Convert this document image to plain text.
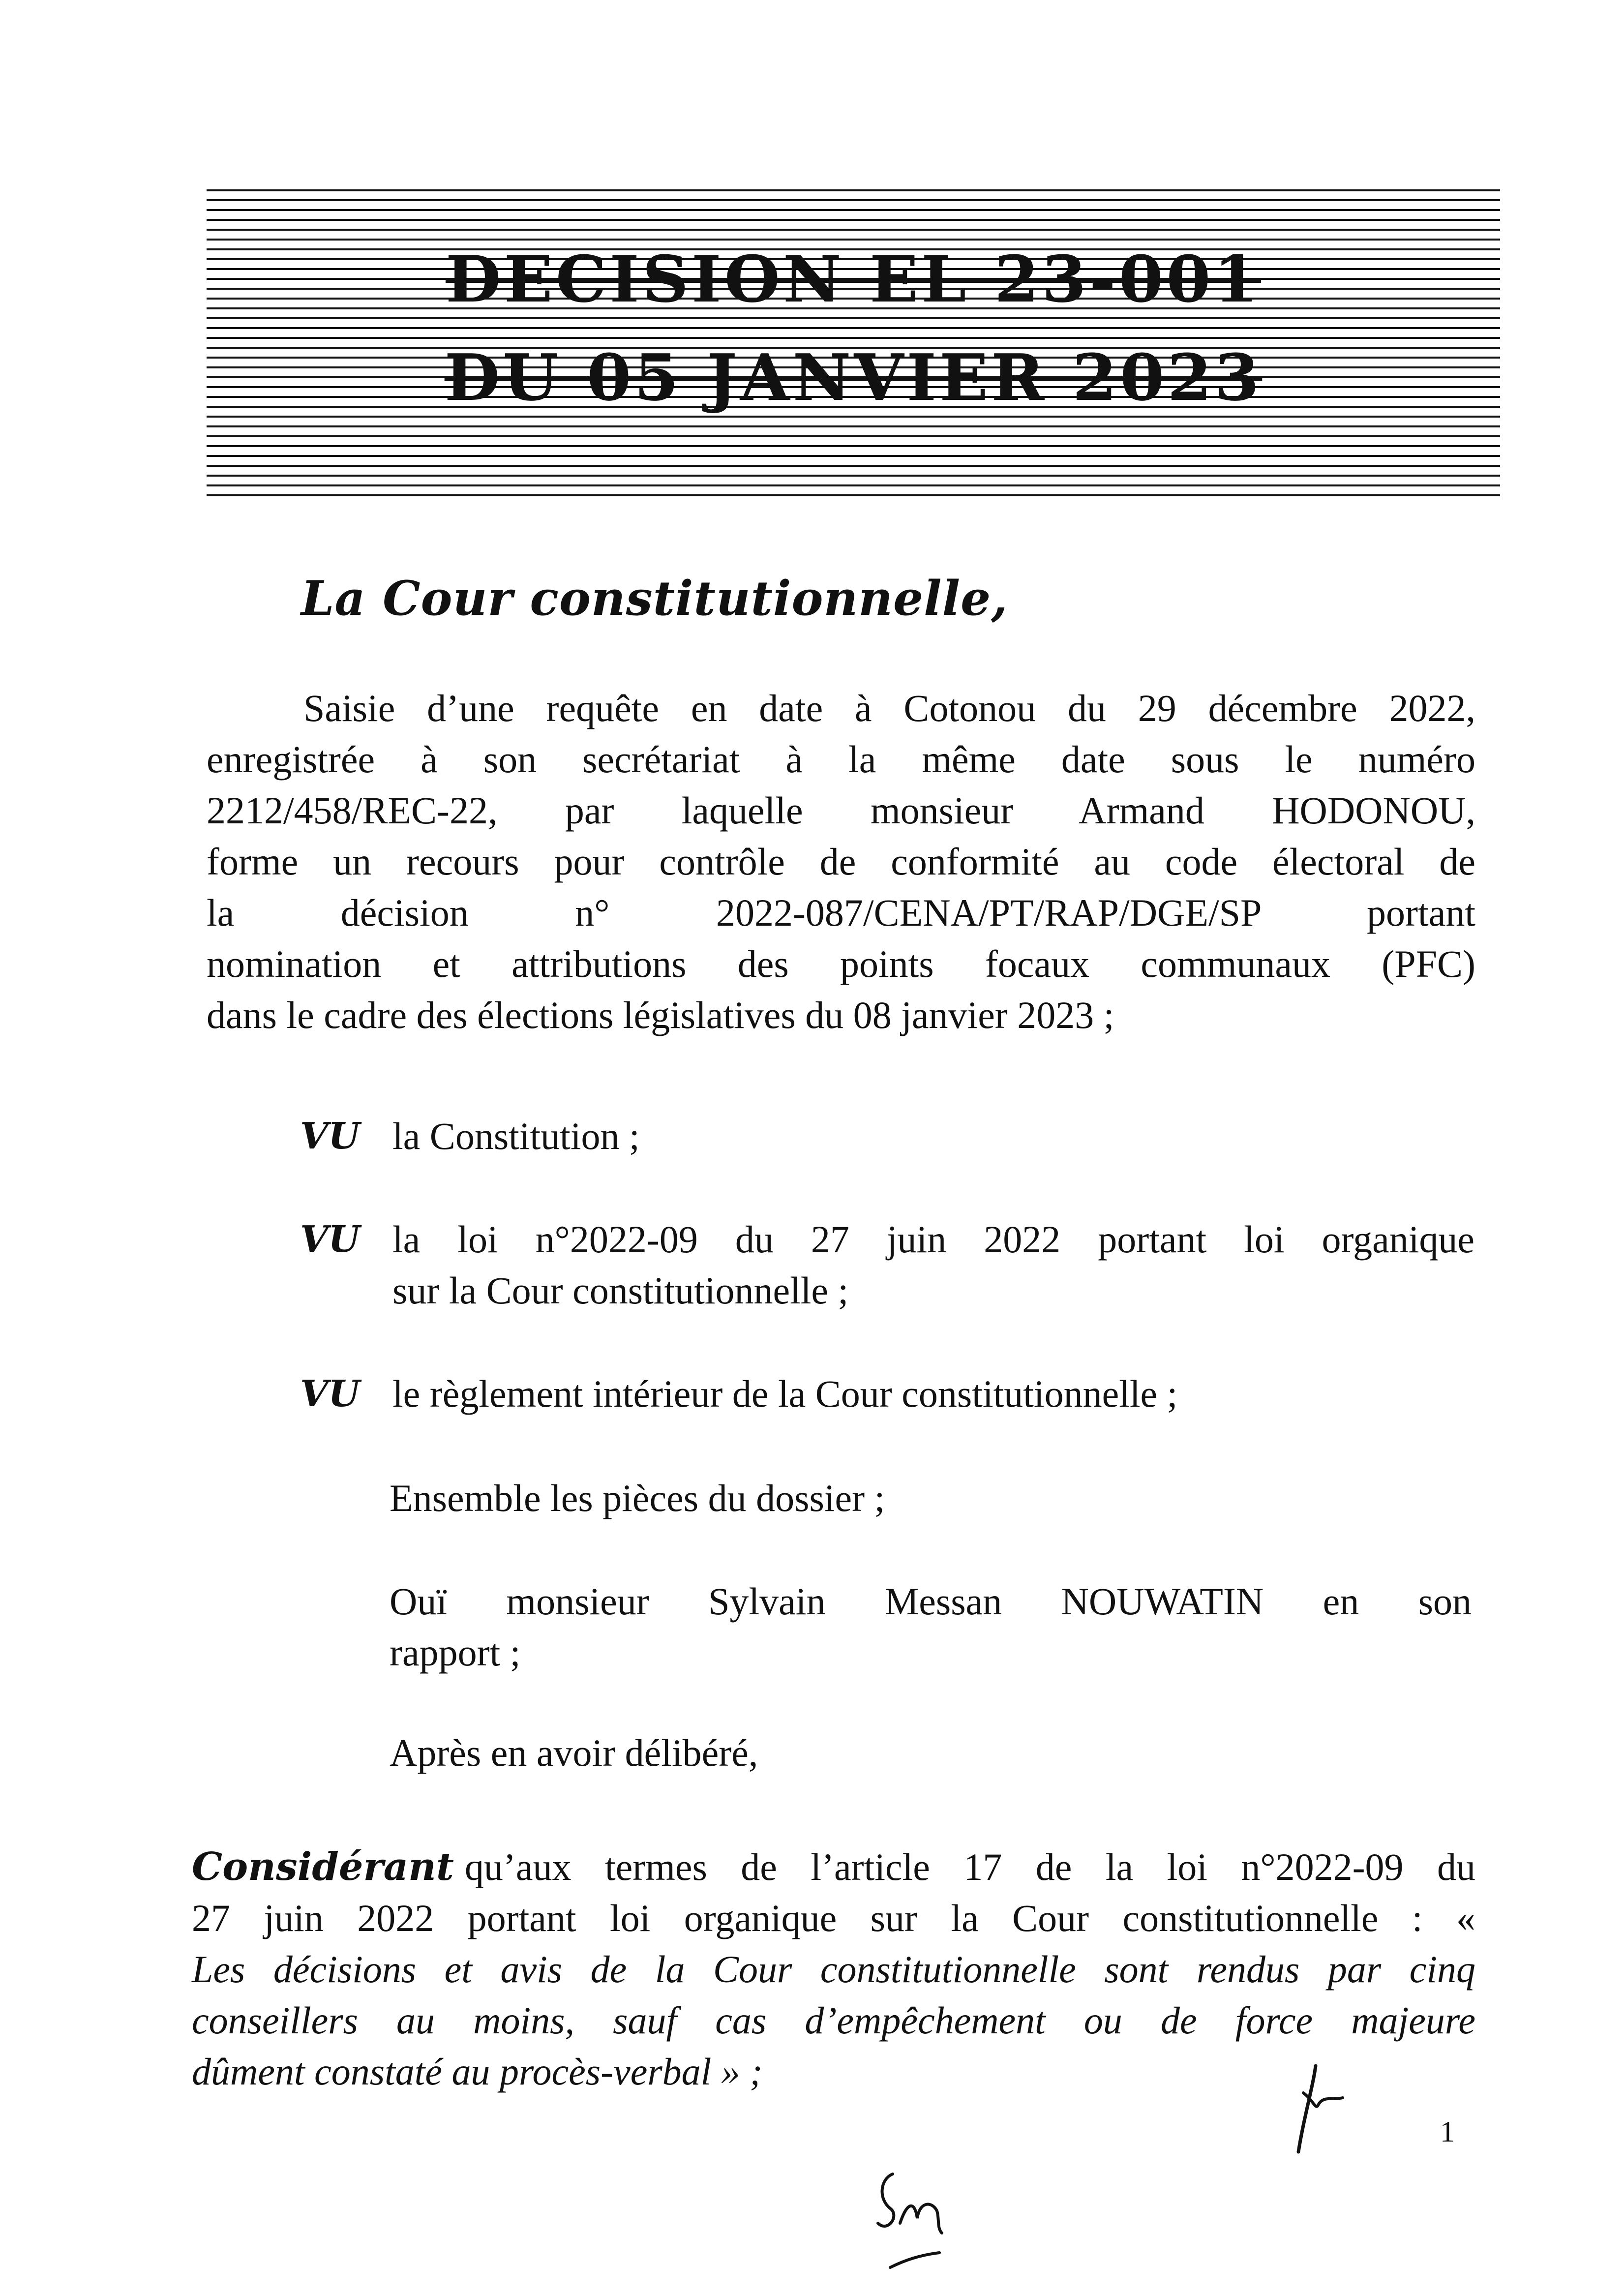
DECISION EL 23-001
DU 05 JANVIER 2023
La Cour constitutionnelle,
Saisie d’une requête en date à Cotonou du 29 décembre 2022,
enregistrée à son secrétariat à la même date sous le numéro
2212/458/REC-22, par laquelle monsieur Armand HODONOU,
forme un recours pour contrôle de conformité au code électoral de
la décision n° 2022-087/CENA/PT/RAP/DGE/SP portant
nomination et attributions des points focaux communaux (PFC)
dans le cadre des élections législatives du 08 janvier 2023 ;
VU la Constitution ;
VU la loi n°2022-09 du 27 juin 2022 portant loi organique
sur la Cour constitutionnelle ;
VU le règlement intérieur de la Cour constitutionnelle ;
Ensemble les pièces du dossier ;
Ouï monsieur Sylvain Messan NOUWATIN en son
rapport ;
Après en avoir délibéré,
Considérant qu’aux termes de l’article 17 de la loi n°2022-09 du
27 juin 2022 portant loi organique sur la Cour constitutionnelle : «
Les décisions et avis de la Cour constitutionnelle sont rendus par cinq
conseillers au moins, sauf cas d’empêchement ou de force majeure
dûment constaté au procès-verbal » ;
1
